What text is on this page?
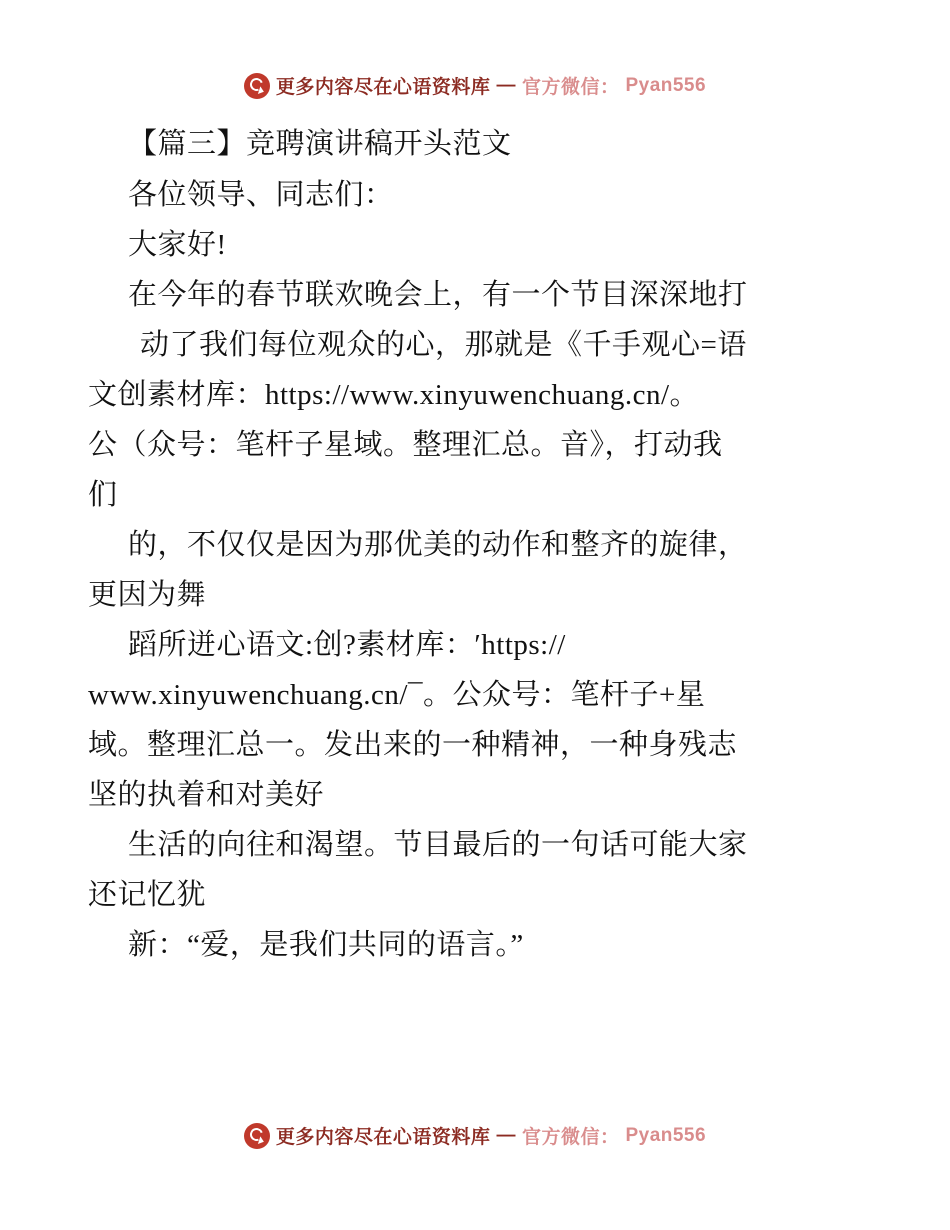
更多内容尽在心语资料库 — 官方微信： Pyan556
【篇三】竞聘演讲稿开头范文
各位领导、同志们：
大家好!
在今年的春节联欢晚会上，有一个节目深深地打
动了我们每位观众的心，那就是《千手观心=语
文创素材库：https://www.xinyuwenchuang.cn/。
公（众号：笔杆子星域。整理汇总。音》，打动我
们
的，不仅仅是因为那优美的动作和整齐的旋律，
更因为舞
蹈所迸心语文:创?素材库：′https://
www.xinyuwenchuang.cn/¯。公众号：笔杆子+星
域。整理汇总一。发出来的一种精神，一种身残志
坚的执着和对美好
生活的向往和渴望。节目最后的一句话可能大家
还记忆犹
新：“爱，是我们共同的语言。”
更多内容尽在心语资料库 — 官方微信： Pyan556
